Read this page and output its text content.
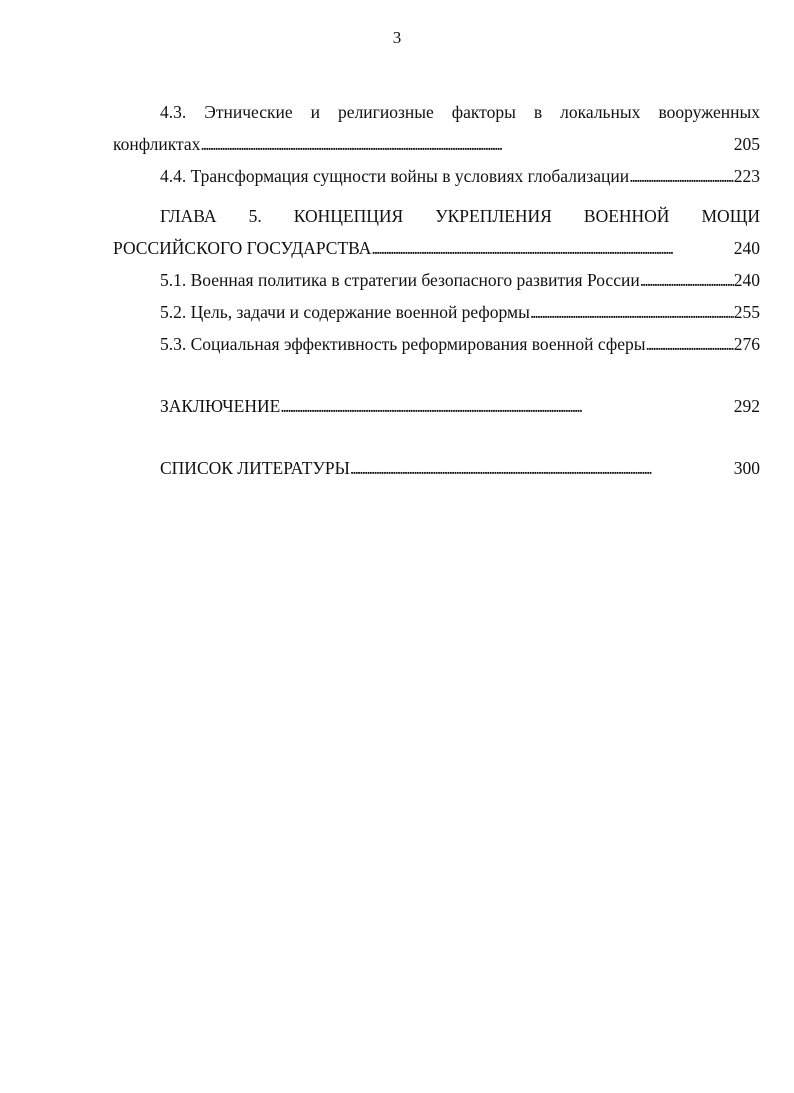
3
4.3. Этнические и религиозные факторы в локальных вооруженных
конфликтах . . .	205
4.4. Трансформация сущности войны в условиях глобализации . . .	223
ГЛАВА 5. КОНЦЕПЦИЯ УКРЕПЛЕНИЯ ВОЕННОЙ МОЩИ
РОССИЙСКОГО ГОСУДАРСТВА . . .	240
5.1. Военная политика в стратегии безопасного развития России . . .	240
5.2. Цель, задачи и содержание военной реформы . . .	255
5.3. Социальная эффективность реформирования военной сферы . . .	276
ЗАКЛЮЧЕНИЕ . . .	292
СПИСОК ЛИТЕРАТУРЫ . . .	300
